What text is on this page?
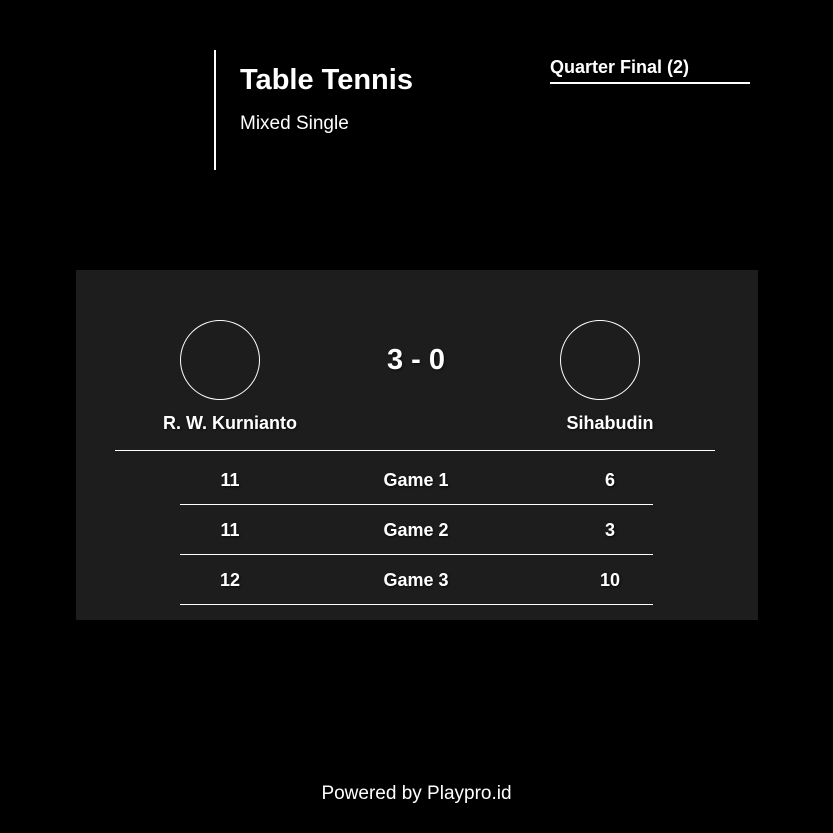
Table Tennis
Mixed Single
Quarter Final (2)
3 - 0
R. W. Kurnianto	Sihabudin
11	Game 1	6
11	Game 2	3
12	Game 3	10
Powered by Playpro.id
